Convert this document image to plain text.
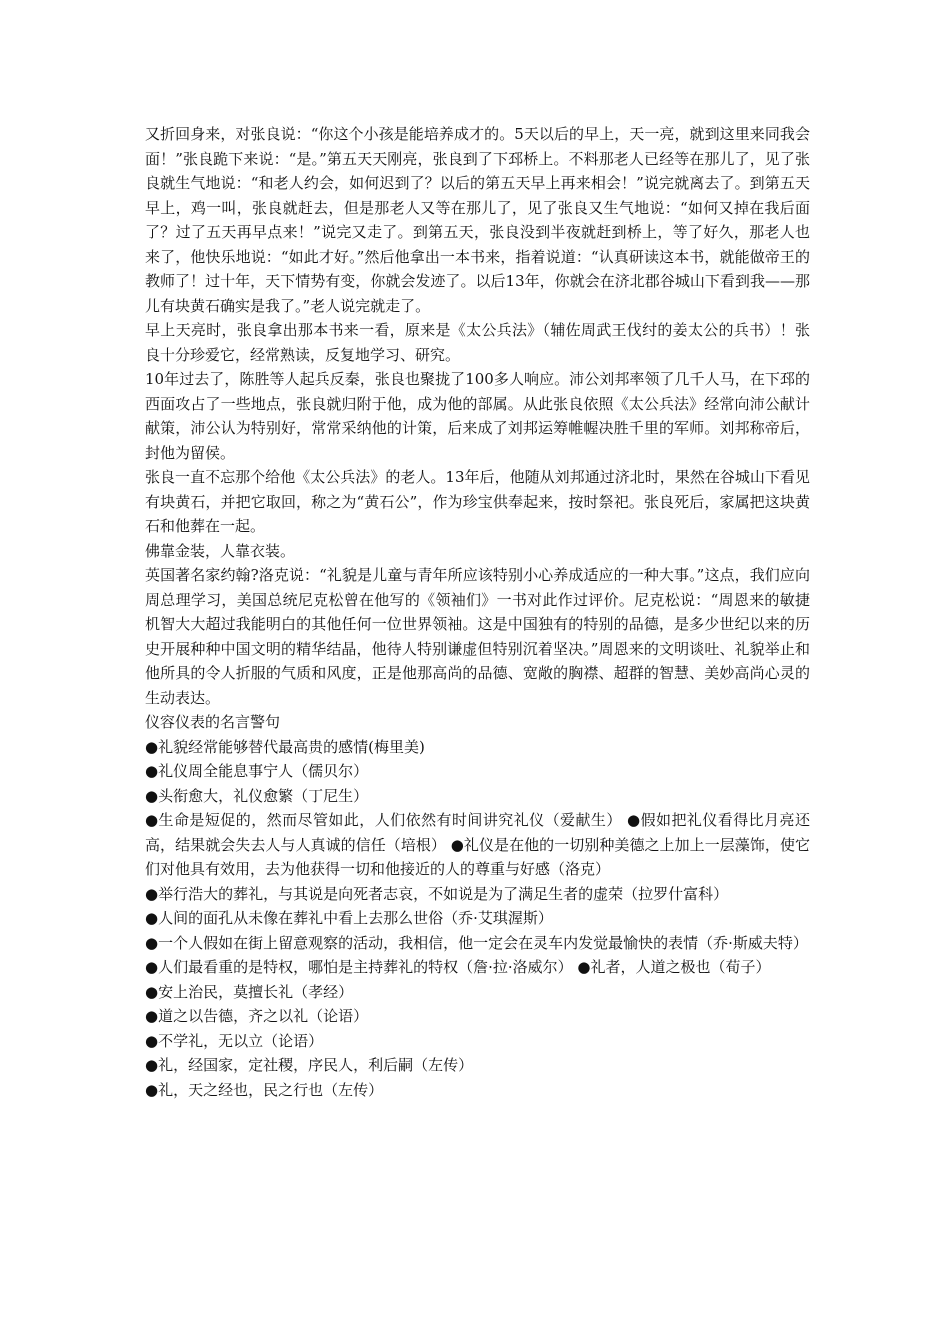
又折回身来，对张良说：“你这个小孩是能培养成才的。5天以后的早上，天一亮，就到这里来同我会面！”张良跪下来说：“是。”第五天天刚亮，张良到了下邳桥上。不料那老人已经等在那儿了，见了张良就生气地说：“和老人约会，如何迟到了？以后的第五天早上再来相会！”说完就离去了。到第五天早上，鸡一叫，张良就赶去，但是那老人又等在那儿了，见了张良又生气地说：“如何又掉在我后面了？过了五天再早点来！”说完又走了。到第五天，张良没到半夜就赶到桥上，等了好久，那老人也来了，他快乐地说：“如此才好。”然后他拿出一本书来，指着说道：“认真研读这本书，就能做帝王的教师了！过十年，天下情势有变，你就会发迹了。以后13年，你就会在济北郡谷城山下看到我——那儿有块黄石确实是我了。”老人说完就走了。

早上天亮时，张良拿出那本书来一看，原来是《太公兵法》（辅佐周武王伐纣的姜太公的兵书）！张良十分珍爱它，经常熟读，反复地学习、研究。

10年过去了，陈胜等人起兵反秦，张良也聚拢了100多人响应。沛公刘邦率领了几千人马，在下邳的西面攻占了一些地点，张良就归附于他，成为他的部属。从此张良依照《太公兵法》经常向沛公献计献策，沛公认为特别好，常常采纳他的计策，后来成了刘邦运筹帷幄决胜千里的军师。刘邦称帝后，封他为留侯。

张良一直不忘那个给他《太公兵法》的老人。13年后，他随从刘邦通过济北时，果然在谷城山下看见有块黄石，并把它取回，称之为“黄石公”，作为珍宝供奉起来，按时祭祀。张良死后，家属把这块黄石和他葬在一起。

佛靠金装，人靠衣装。

英国著名家约翰?洛克说：“礼貌是儿童与青年所应该特别小心养成适应的一种大事。”这点，我们应向周总理学习，美国总统尼克松曾在他写的《领袖们》一书对此作过评价。尼克松说：“周恩来的敏捷机智大大超过我能明白的其他任何一位世界领袖。这是中国独有的特别的品德，是多少世纪以来的历史开展种种中国文明的精华结晶，他待人特别谦虚但特别沉着坚决。”周恩来的文明谈吐、礼貌举止和他所具的令人折服的气质和风度，正是他那高尚的品德、宽敞的胸襟、超群的智慧、美妙高尚心灵的生动表达。

仪容仪表的名言警句

●礼貌经常能够替代最高贵的感情(梅里美)

●礼仪周全能息事宁人（儒贝尔）

●头衔愈大，礼仪愈繁（丁尼生）

●生命是短促的，然而尽管如此，人们依然有时间讲究礼仪（爱献生） ●假如把礼仪看得比月亮还高，结果就会失去人与人真诚的信任（培根） ●礼仪是在他的一切别种美德之上加上一层藻饰，使它们对他具有效用，去为他获得一切和他接近的人的尊重与好感（洛克）

●举行浩大的葬礼，与其说是向死者志哀，不如说是为了满足生者的虚荣（拉罗什富科）

●人间的面孔从未像在葬礼中看上去那么世俗（乔·艾琪渥斯）

●一个人假如在街上留意观察的活动，我相信，他一定会在灵车内发觉最愉快的表情（乔·斯威夫特）

●人们最看重的是特权，哪怕是主持葬礼的特权（詹·拉·洛威尔） ●礼者，人道之极也（荀子）

●安上治民，莫擅长礼（孝经）

●道之以告德，齐之以礼（论语）

●不学礼，无以立（论语）

●礼，经国家，定社稷，序民人，利后嗣（左传）

●礼，天之经也，民之行也（左传）
